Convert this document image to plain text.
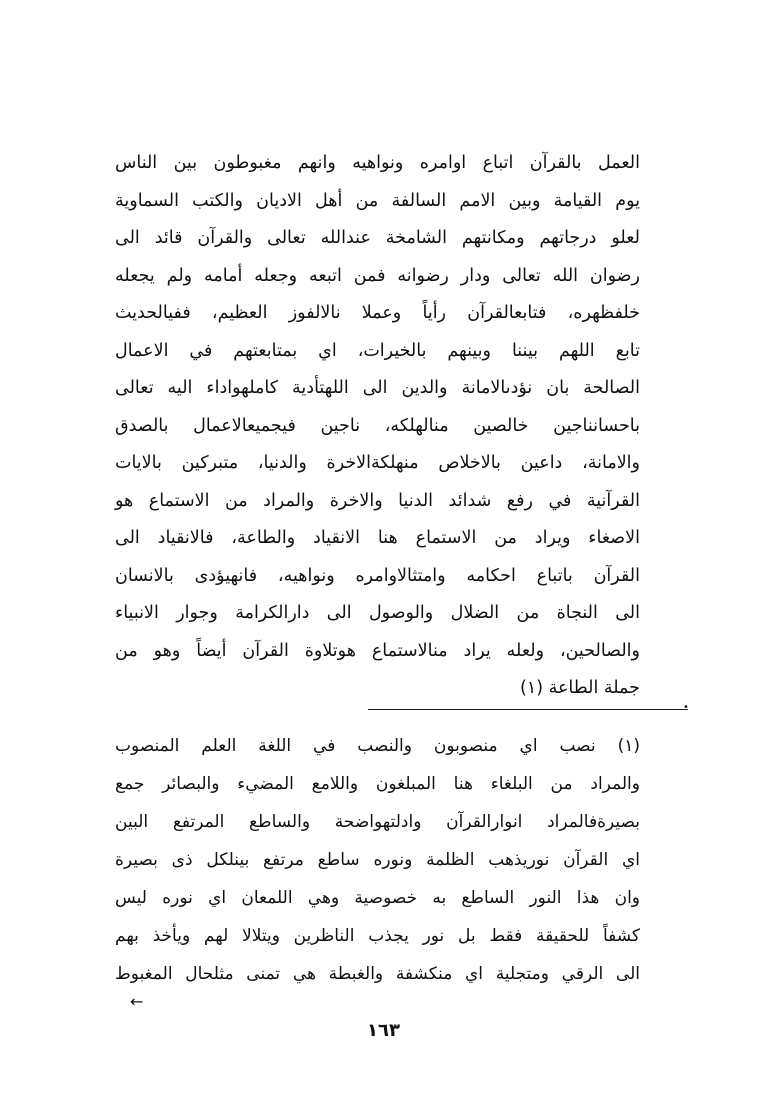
العمل بالقرآن اتباع اوامره ونواهيه وانهم مغبوطون بين الناس
يوم القيامة وبين الامم السالفة من أهل الاديان والكتب السماوية
لعلو درجاتهم ومكانتهم الشامخة عندالله تعالى والقرآن قائد الى
رضوان الله تعالى ودار رضوانه فمن اتبعه وجعله أمامه ولم يجعله
خلفظهره، فتابعالقرآن رأياً وعملا نالالفوز العظيم، ففيالحديث
تابع اللهم بيننا وبينهم بالخيرات، اي بمتابعتهم في الاعمال
الصالحة بان نؤدىالامانة والدين الى اللهتأدية كاملهواداء اليه تعالى
باحسانناجين خالصين منالهلكه، ناجين فيجميعالاعمال بالصدق
والامانة، داعين بالاخلاص منهلكةالاخرة والدنيا، متبركين بالايات
القرآنية في رفع شدائد الدنيا والاخرة والمراد من الاستماع هو
الاصغاء ويراد من الاستماع هنا الانقياد والطاعة، فالانقياد الى
القرآن باتباع احكامه وامتثالاوامره ونواهيه، فانهيؤدى بالانسان
الى النجاة من الضلال والوصول الى دارالكرامة وجوار الانبياء
والصالحين، ولعله يراد منالاستماع هوتلاوة القرآن أيضاً وهو من
جملة الطاعة (١)
•
(١) نصب اي منصوبون والنصب في اللغة العلم المنصوب
والمراد من البلغاء هنا المبلغون واللامع المضيء والبصائر جمع
بصيرةفالمراد انوارالقرآن وادلتهواضحة والساطع المرتفع البين
اي القرآن نوريذهب الظلمة ونوره ساطع مرتفع بينلكل ذى بصيرة
وان هذا النور الساطع به خصوصية وهي اللمعان اي نوره ليس
كشفاً للحقيقة فقط بل نور يجذب الناظرين ويتلالا لهم ويأخذ بهم
الى الرقي ومتجلية اي منكشفة والغبطة هي تمنى مثلحال المغبوط
←
١٦٣
